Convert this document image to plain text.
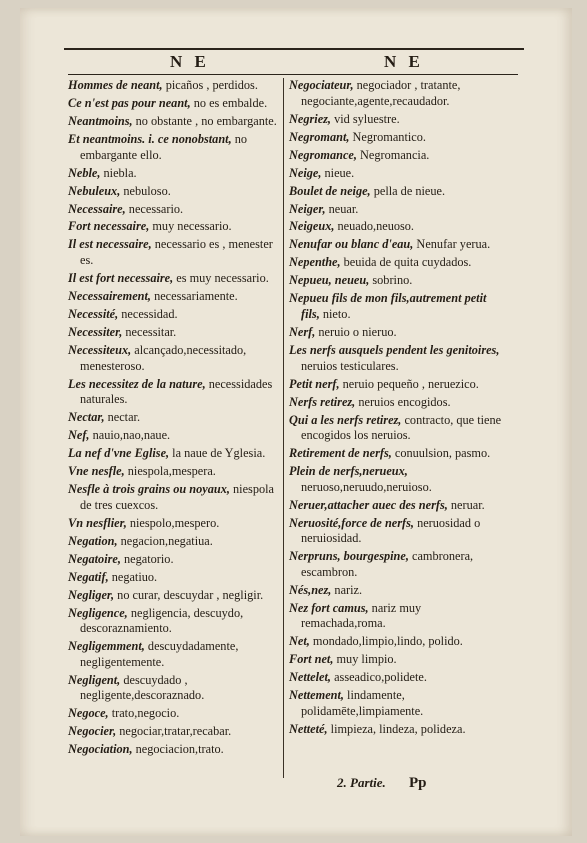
N E	N E
Hommes de neant, picaños , perdidos.
Ce n'est pas pour neant, no es embalde.
Neantmoins, no obstante , no embargante.
Et neantmoins. i. ce nonobstant, no embargante ello.
Neble, niebla.
Nebuleux, nebuloso.
Necessaire, necessario.
Fort necessaire, muy necessario.
Il est necessaire, necessario es , menester es.
Il est fort necessaire, es muy necessario.
Necessairement, necessariamente.
Necessité, necessidad.
Necessiter, necessitar.
Necessiteux, alcançado,necessitado, menesteroso.
Les necessitez de la nature, necessidades naturales.
Nectar, nectar.
Nef, nauio,nao,naue.
La nef d'vne Eglise, la naue de Yglesia.
Vne nesfle, niespola,mespera.
Nesfle à trois grains ou noyaux, niespola de tres cuexcos.
Vn nesflier, niespolo,mespero.
Negation, negacion,negatiua.
Negatoire, negatorio.
Negatif, negatiuo.
Negliger, no curar, descuydar , negligir.
Negligence, negligencia, descuydo, descoraznamiento.
Negligemment, descuydadamente, negligentemente.
Negligent, descuydado , negligente,descoraznado.
Negoce, trato,negocio.
Negocier, negociar,tratar,recabar.
Negociation, negociacion,trato.
Negociateur, negociador , tratante, negociante,agente,recaudador.
Negriez, vid syluestre.
Negromant, Negromantico.
Negromance, Negromancia.
Neige, nieue.
Boulet de neige, pella de nieue.
Neiger, neuar.
Neigeux, neuado,neuoso.
Nenufar ou blanc d'eau, Nenufar yerua.
Nepenthe, beuida de quita cuydados.
Nepueu, neueu, sobrino.
Nepueu fils de mon fils,autrement petit fils, nieto.
Nerf, neruio o nieruo.
Les nerfs ausquels pendent les genitoires, neruios testiculares.
Petit nerf, neruio pequeño , neruezico.
Nerfs retirez, neruios encogidos.
Qui a les nerfs retirez, contracto, que tiene encogidos los neruios.
Retirement de nerfs, conuulsion, pasmo.
Plein de nerfs,nerueux, neruoso,neruudo,neruioso.
Neruer,attacher auec des nerfs, neruar.
Neruosité,force de nerfs, neruosidad o neruiosidad.
Nerpruns, bourgespine, cambronera, escambron.
Nés,nez, nariz.
Nez fort camus, nariz muy remachada,roma.
Net, mondado,limpio,lindo, polido.
Fort net, muy limpio.
Nettelet, asseadico,polidete.
Nettement, lindamente, polidamēte,limpiamente.
Netteté, limpieza, lindeza, polideza.
2. Partie. Pp
